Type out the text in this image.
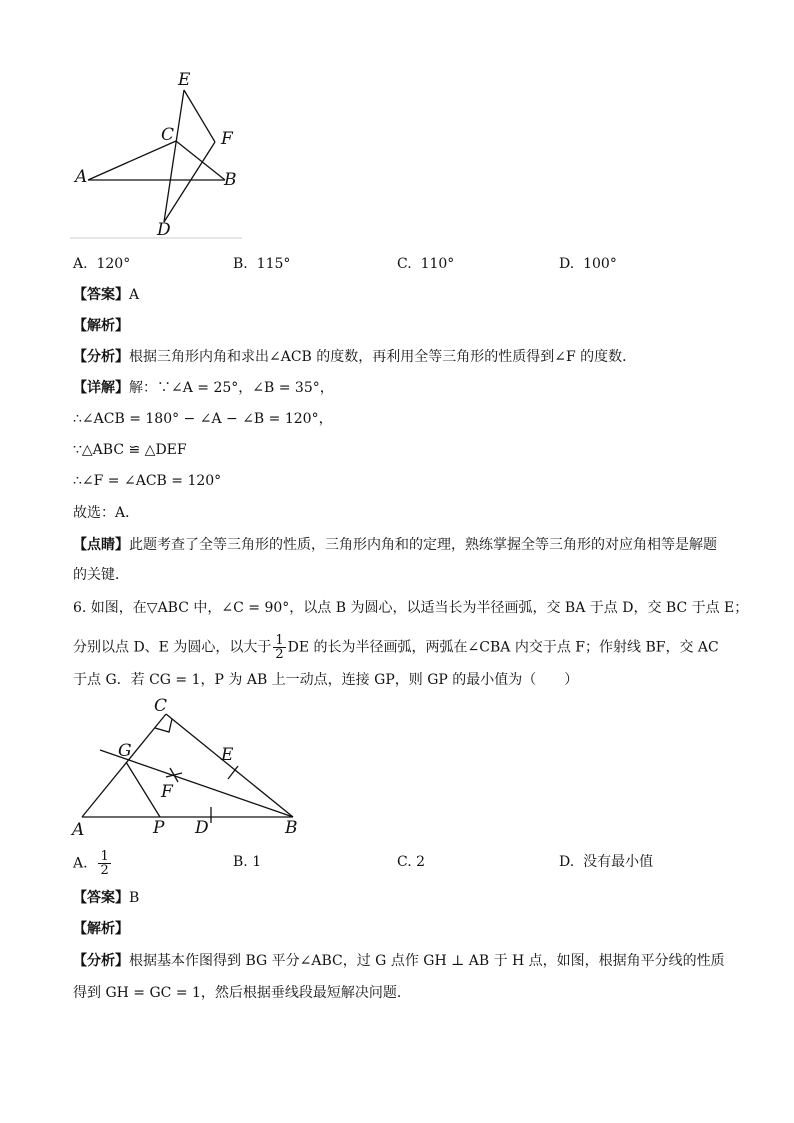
E
C	F
A	B
D
A. 120°	B. 115°	C. 110°	D. 100°
【答案】A
【解析】
【分析】根据三角形内角和求出∠ACB 的度数，再利用全等三角形的性质得到∠F 的度数．
【详解】解：∵∠A = 25°，∠B = 35°，
∴∠ACB = 180° − ∠A − ∠B = 120°，
∵△ABC ≌ △DEF
∴∠F = ∠ACB = 120°
故选：A．
【点睛】此题考查了全等三角形的性质，三角形内角和的定理，熟练掌握全等三角形的对应角相等是解题
的关键．
6. 如图，在▽ABC 中，∠C = 90°，以点 B 为圆心，以适当长为半径画弧，交 BA 于点 D，交 BC 于点 E；
分别以点 D、E 为圆心，以大于 $\frac{1}{2}$ DE 的长为半径画弧，两弧在∠CBA 内交于点 F；作射线 BF，交 AC
于点 G．若 CG = 1，P 为 AB 上一动点，连接 GP，则 GP 的最小值为（　　）
C
G	E
F
A	P D	B
A. $\frac{1}{2}$	B. 1	C. 2	D. 没有最小值
【答案】B
【解析】
【分析】根据基本作图得到 BG 平分∠ABC，过 G 点作 GH ⊥ AB 于 H 点，如图，根据角平分线的性质
得到 GH = GC = 1，然后根据垂线段最短解决问题．
